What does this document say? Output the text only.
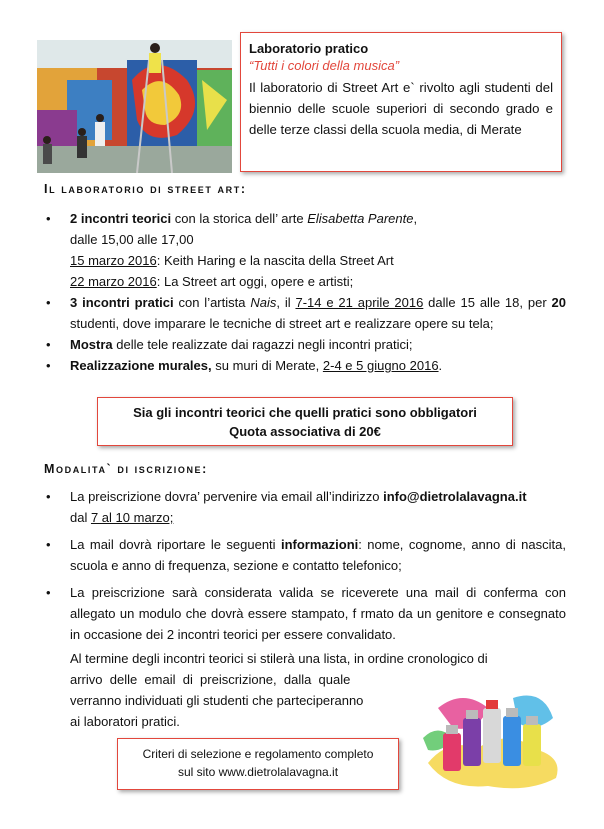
Laboratorio pratico
“Tutti i colori della musica”
Il laboratorio di Street Art e` rivolto agli studenti del biennio delle scuole superiori di secondo grado e delle terze classi della scuola media, di Merate
Il laboratorio di street art:
• 2 incontri teorici con la storica dell’ arte Elisabetta Parente,
dalle 15,00 alle 17,00
15 marzo 2016: Keith Haring e la nascita della Street Art
22 marzo 2016: La Street art oggi, opere e artisti;
• 3 incontri pratici con l’artista Nais, il 7-14 e 21 aprile 2016 dalle 15 alle 18, per 20 studenti, dove imparare le tecniche di street art e realizzare opere su tela;
• Mostra delle tele realizzate dai ragazzi negli incontri pratici;
• Realizzazione murales, su muri di Merate, 2-4 e 5 giugno 2016.
Sia gli incontri teorici che quelli pratici sono obbligatori
Quota associativa di 20€
Modalita` di iscrizione:
• La preiscrizione dovra’ pervenire via email all’indirizzo info@dietrolalavagna.it
dal 7 al 10 marzo;
• La mail dovrà riportare le seguenti informazioni: nome, cognome, anno di nascita, scuola e anno di frequenza, sezione e contatto telefonico;
• La preiscrizione sarà considerata valida se riceverete una mail di conferma con allegato un modulo che dovrà essere stampato, f rmato da un genitore e consegnato in occasione dei 2 incontri teorici per essere convalidato.
Al termine degli incontri teorici si stilerà una lista, in ordine cronologico di
arrivo  delle  email  di  preiscrizione,  dalla  quale
verranno individuati gli studenti che parteciperanno
ai laboratori pratici.
Criteri di selezione e regolamento completo
sul sito www.dietrolalavagna.it
